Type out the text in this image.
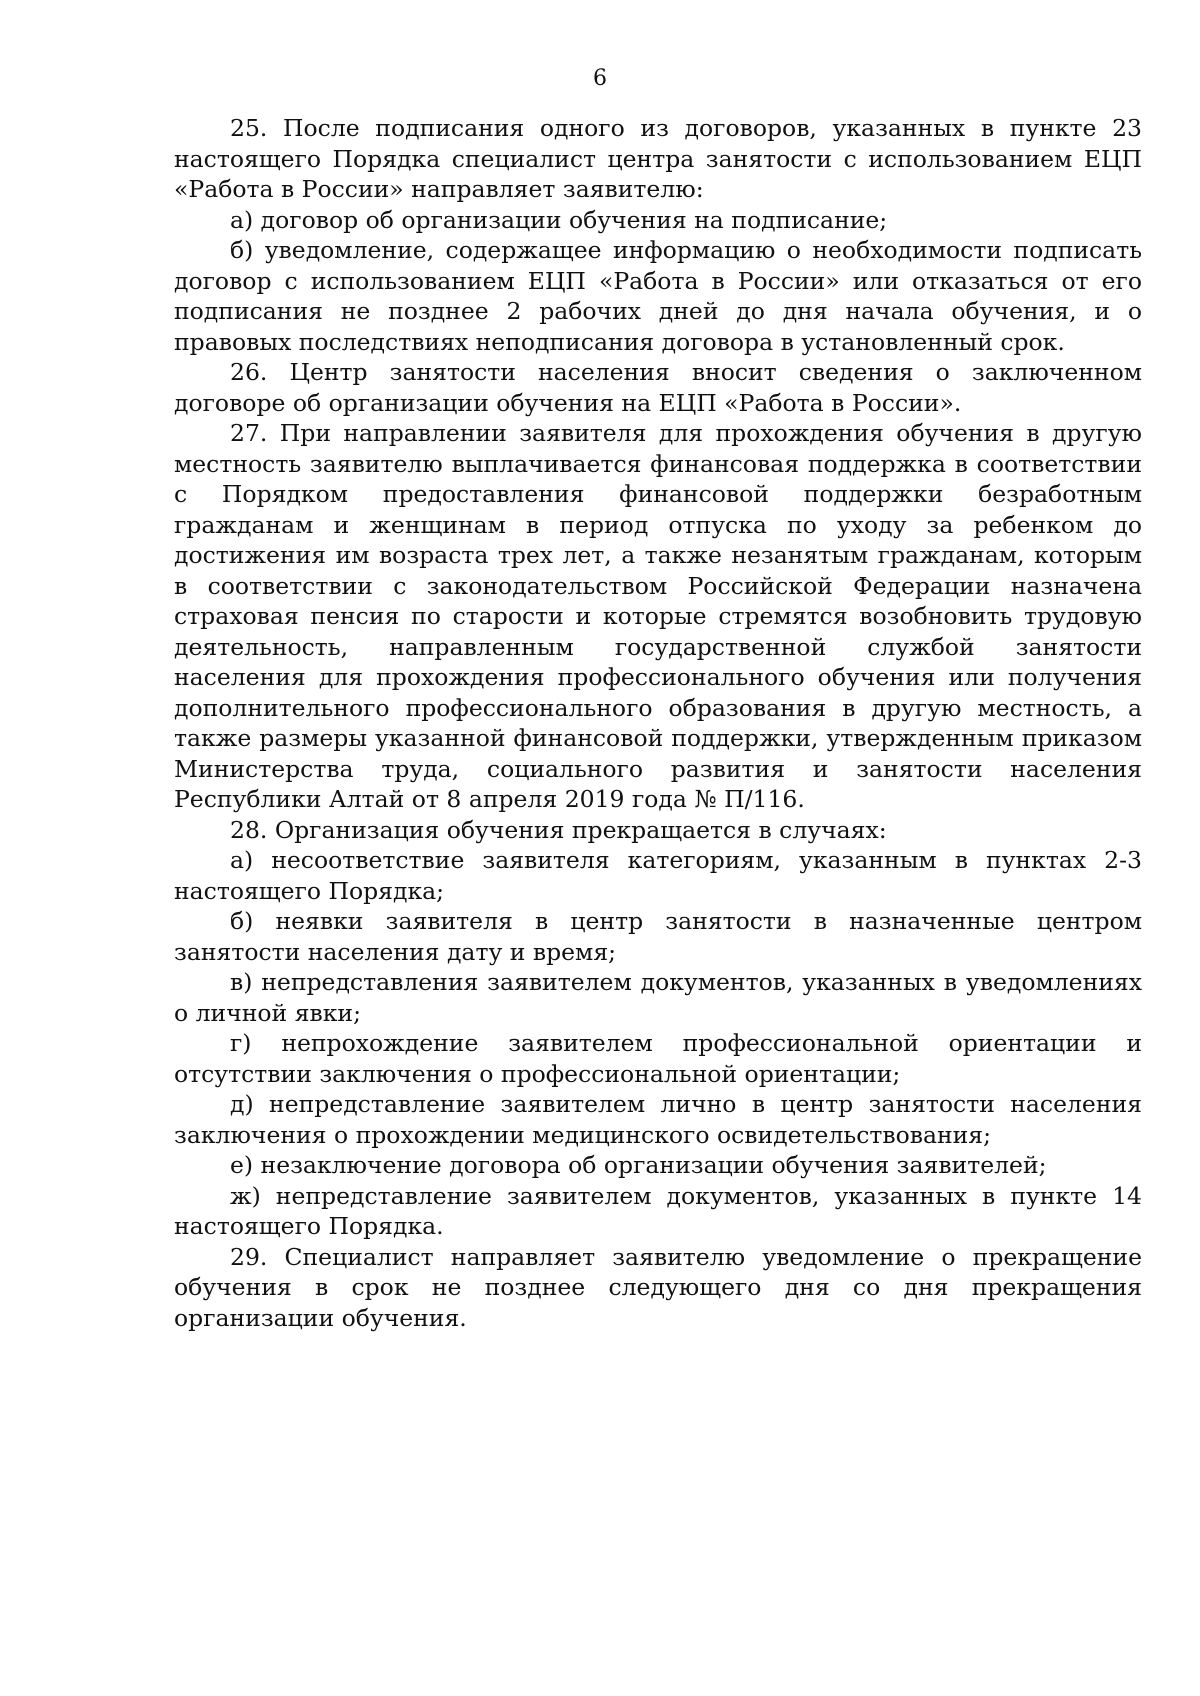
6

25. После подписания одного из договоров, указанных в пункте 23 настоящего Порядка специалист центра занятости с использованием ЕЦП «Работа в России» направляет заявителю:

а) договор об организации обучения на подписание;

б) уведомление, содержащее информацию о необходимости подписать договор с использованием ЕЦП «Работа в России» или отказаться от его подписания не позднее 2 рабочих дней до дня начала обучения, и о правовых последствиях неподписания договора в установленный срок.

26. Центр занятости населения вносит сведения о заключенном договоре об организации обучения на ЕЦП «Работа в России».

27. При направлении заявителя для прохождения обучения в другую местность заявителю выплачивается финансовая поддержка в соответствии с Порядком предоставления финансовой поддержки безработным гражданам и женщинам в период отпуска по уходу за ребенком до достижения им возраста трех лет, а также незанятым гражданам, которым в соответствии с законодательством Российской Федерации назначена страховая пенсия по старости и которые стремятся возобновить трудовую деятельность, направленным государственной службой занятости населения для прохождения профессионального обучения или получения дополнительного профессионального образования в другую местность, а также размеры указанной финансовой поддержки, утвержденным приказом Министерства труда, социального развития и занятости населения Республики Алтай от 8 апреля 2019 года № П/116.

28. Организация обучения прекращается в случаях:

а) несоответствие заявителя категориям, указанным в пунктах 2-3 настоящего Порядка;

б) неявки заявителя в центр занятости в назначенные центром занятости населения дату и время;

в) непредставления заявителем документов, указанных в уведомлениях о личной явки;

г) непрохождение заявителем профессиональной ориентации и отсутствии заключения о профессиональной ориентации;

д) непредставление заявителем лично в центр занятости населения заключения о прохождении медицинского освидетельствования;

е) незаключение договора об организации обучения заявителей;

ж) непредставление заявителем документов, указанных в пункте 14 настоящего Порядка.

29. Специалист направляет заявителю уведомление о прекращение обучения в срок не позднее следующего дня со дня прекращения организации обучения.
